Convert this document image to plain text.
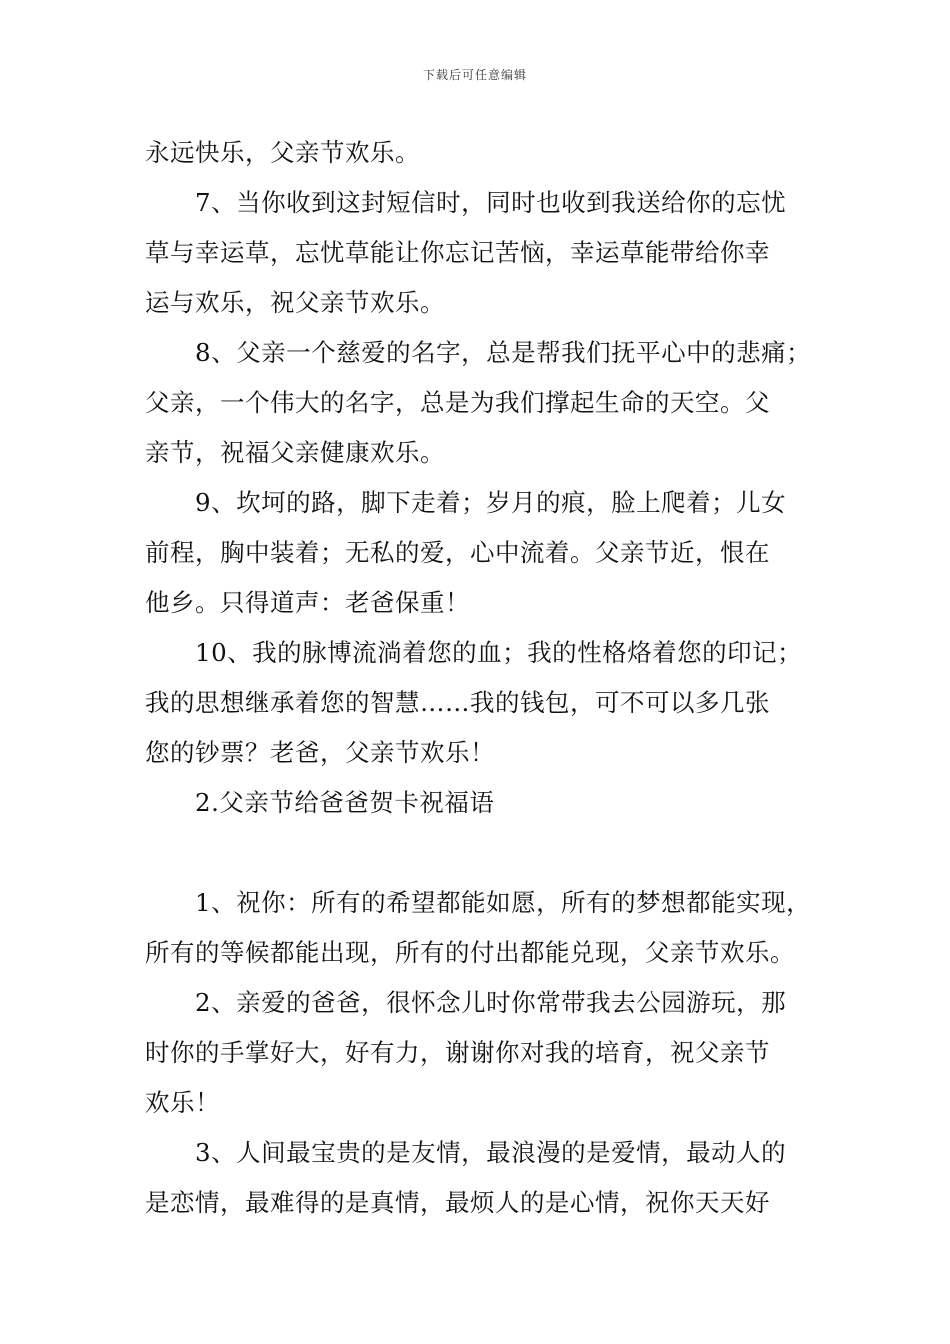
下载后可任意编辑
永远快乐，父亲节欢乐。
7、当你收到这封短信时，同时也收到我送给你的忘忧
草与幸运草，忘忧草能让你忘记苦恼，幸运草能带给你幸
运与欢乐，祝父亲节欢乐。
8、父亲一个慈爱的名字，总是帮我们抚平心中的悲痛；
父亲，一个伟大的名字，总是为我们撑起生命的天空。父
亲节，祝福父亲健康欢乐。
9、坎坷的路，脚下走着；岁月的痕，脸上爬着；儿女
前程，胸中装着；无私的爱，心中流着。父亲节近，恨在
他乡。只得道声：老爸保重！
10、我的脉博流淌着您的血；我的性格烙着您的印记；
我的思想继承着您的智慧……我的钱包，可不可以多几张
您的钞票？老爸，父亲节欢乐！
2.父亲节给爸爸贺卡祝福语
1、祝你：所有的希望都能如愿，所有的梦想都能实现，
所有的等候都能出现，所有的付出都能兑现，父亲节欢乐。
2、亲爱的爸爸，很怀念儿时你常带我去公园游玩，那
时你的手掌好大，好有力，谢谢你对我的培育，祝父亲节
欢乐！
3、人间最宝贵的是友情，最浪漫的是爱情，最动人的
是恋情，最难得的是真情，最烦人的是心情，祝你天天好
